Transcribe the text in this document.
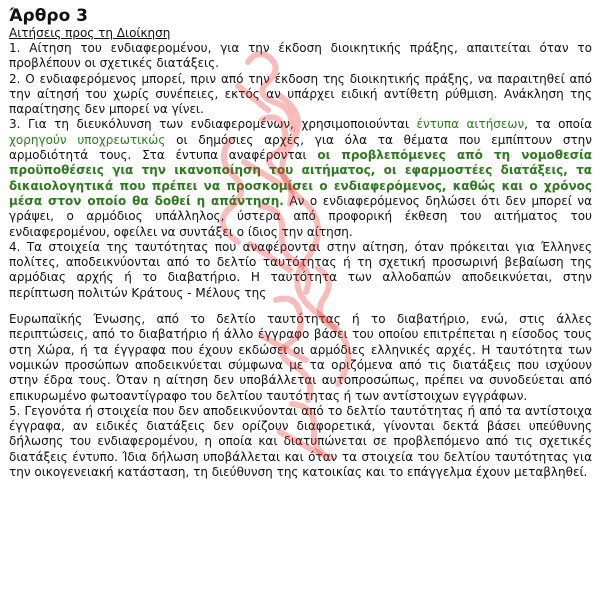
Άρθρο 3

Αιτήσεις προς τη Διοίκηση

1. Αίτηση του ενδιαφερομένου, για την έκδοση διοικητικής πράξης, απαιτείται όταν το προβλέπουν οι σχετικές διατάξεις.

2. Ο ενδιαφερόμενος μπορεί, πριν από την έκδοση της διοικητικής πράξης, να παραιτηθεί από την αίτησή του χωρίς συνέπειες, εκτός αν υπάρχει ειδική αντίθετη ρύθμιση. Ανάκληση της παραίτησης δεν μπορεί να γίνει.

3. Για τη διευκόλυνση των ενδιαφερομένων, χρησιμοποιούνται έντυπα αιτήσεων, τα οποία χορηγούν υποχρεωτικώς οι δημόσιες αρχές, για όλα τα θέματα που εμπίπτουν στην αρμοδιότητά τους. Στα έντυπα αναφέρονται οι προβλεπόμενες από τη νομοθεσία προϋποθέσεις για την ικανοποίηση του αιτήματος, οι εφαρμοστέες διατάξεις, τα δικαιολογητικά που πρέπει να προσκομίσει ο ενδιαφερόμενος, καθώς και ο χρόνος μέσα στον οποίο θα δοθεί η απάντηση. Αν ο ενδιαφερόμενος δηλώσει ότι δεν μπορεί να γράψει, ο αρμόδιος υπάλληλος, ύστερα από προφορική έκθεση του αιτήματος του ενδιαφερομένου, οφείλει να συντάξει ο ίδιος την αίτηση.

4. Τα στοιχεία της ταυτότητας που αναφέρονται στην αίτηση, όταν πρόκειται για Έλληνες πολίτες, αποδεικνύονται από το δελτίο ταυτότητας ή τη σχετική προσωρινή βεβαίωση της αρμόδιας αρχής ή το διαβατήριο. Η ταυτότητα των αλλοδαπών αποδεικνύεται, στην περίπτωση πολιτών Κράτους - Μέλους της

Ευρωπαϊκής Ένωσης, από το δελτίο ταυτότητας ή το διαβατήριο, ενώ, στις άλλες περιπτώσεις, από το διαβατήριο ή άλλο έγγραφο βάσει του οποίου επιτρέπεται η είσοδος τους στη Χώρα, ή τα έγγραφα που έχουν εκδώσει οι αρμόδιες ελληνικές αρχές. Η ταυτότητα των νομικών προσώπων αποδεικνύεται σύμφωνα με τα οριζόμενα από τις διατάξεις που ισχύουν στην έδρα τους. Όταν η αίτηση δεν υποβάλλεται αυτοπροσώπως, πρέπει να συνοδεύεται από επικυρωμένο φωτοαντίγραφο του δελτίου ταυτότητας ή των αντίστοιχων εγγράφων.

5. Γεγονότα ή στοιχεία που δεν αποδεικνύονται από το δελτίο ταυτότητας ή από τα αντίστοιχα έγγραφα, αν ειδικές διατάξεις δεν ορίζουν διαφορετικά, γίνονται δεκτά βάσει υπεύθυνης δήλωσης του ενδιαφερομένου, η οποία και διατυπώνεται σε προβλεπόμενο από τις σχετικές διατάξεις έντυπο. Ίδια δήλωση υποβάλλεται και όταν τα στοιχεία του δελτίου ταυτότητας για την οικογενειακή κατάσταση, τη διεύθυνση της κατοικίας και το επάγγελμα έχουν μεταβληθεί.
